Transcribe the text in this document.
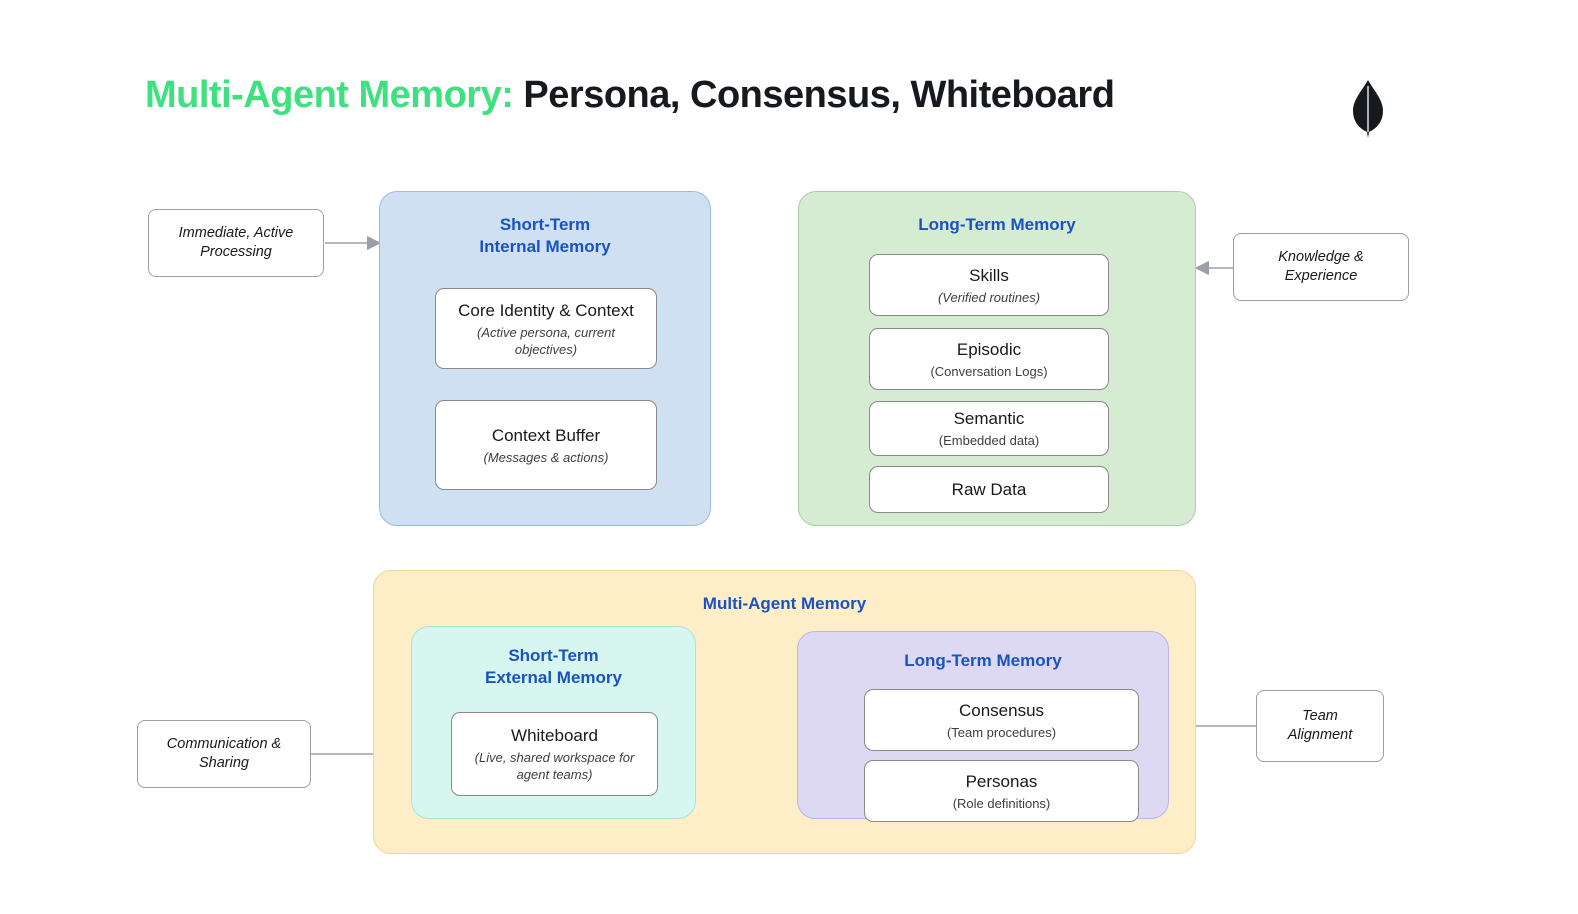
Multi-Agent Memory: Persona, Consensus, Whiteboard
Immediate, Active
Processing	Knowledge &
Experience
Communication &
Sharing
Team
Alignment
Short-Term
Internal Memory
Core Identity & Context
(Active persona, current objectives)
Context Buffer
(Messages & actions)
Long-Term Memory
Skills
(Verified routines)
Episodic
(Conversation Logs)
Semantic
(Embedded data)
Raw Data
Multi-Agent Memory
Short-Term
External Memory
Whiteboard
(Live, shared workspace for agent teams)
Long-Term Memory
Consensus
(Team procedures)
Personas
(Role definitions)
